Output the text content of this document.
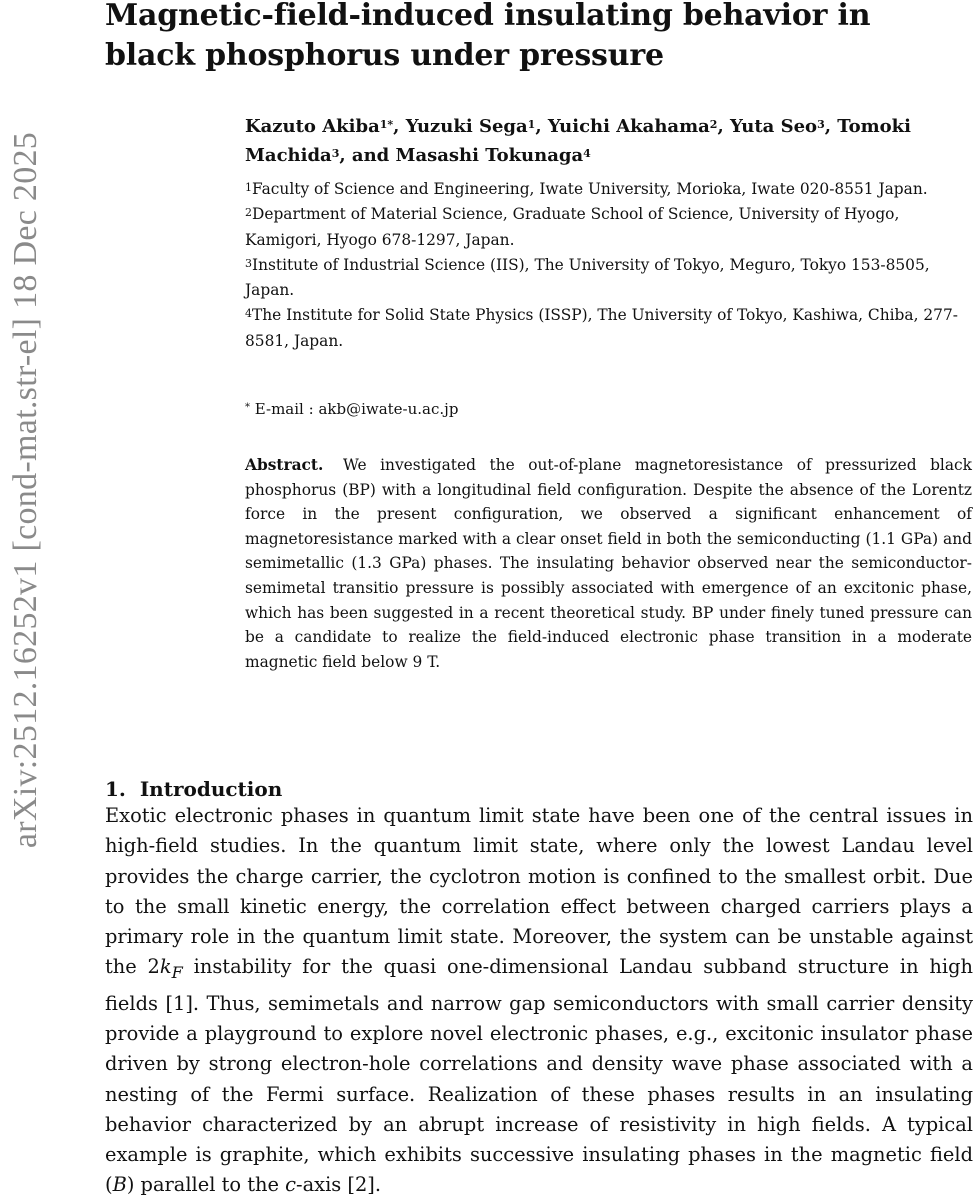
arXiv:2512.16252v1 [cond-mat.str-el] 18 Dec 2025
Magnetic-field-induced insulating behavior in black phosphorus under pressure

Kazuto Akiba$^{1*}$, Yuzuki Sega$^1$, Yuichi Akahama$^2$, Yuta Seo$^3$, Tomoki Machida$^3$, and Masashi Tokunaga$^4$

$^1$Faculty of Science and Engineering, Iwate University, Morioka, Iwate 020-8551 Japan.

$^2$Department of Material Science, Graduate School of Science, University of Hyogo, Kamigori, Hyogo 678-1297, Japan.

$^3$Institute of Industrial Science (IIS), The University of Tokyo, Meguro, Tokyo 153-8505, Japan.

$^4$The Institute for Solid State Physics (ISSP), The University of Tokyo, Kashiwa, Chiba, 277-8581, Japan.

* E-mail : akb@iwate-u.ac.jp

Abstract. We investigated the out-of-plane magnetoresistance of pressurized black phosphorus (BP) with a longitudinal field configuration. Despite the absence of the Lorentz force in the present configuration, we observed a significant enhancement of magnetoresistance marked with a clear onset field in both the semiconducting (1.1 GPa) and semimetallic (1.3 GPa) phases. The insulating behavior observed near the semiconductor-semimetal transitio pressure is possibly associated with emergence of an excitonic phase, which has been suggested in a recent theoretical study. BP under finely tuned pressure can be a candidate to realize the field-induced electronic phase transition in a moderate magnetic field below 9 T.

1. Introduction

Exotic electronic phases in quantum limit state have been one of the central issues in high-field studies. In the quantum limit state, where only the lowest Landau level provides the charge carrier, the cyclotron motion is confined to the smallest orbit. Due to the small kinetic energy, the correlation effect between charged carriers plays a primary role in the quantum limit state. Moreover, the system can be unstable against the $2k_F$ instability for the quasi one-dimensional Landau subband structure in high fields [1]. Thus, semimetals and narrow gap semiconductors with small carrier density provide a playground to explore novel electronic phases, e.g., excitonic insulator phase driven by strong electron-hole correlations and density wave phase associated with a nesting of the Fermi surface. Realization of these phases results in an insulating behavior characterized by an abrupt increase of resistivity in high fields. A typical example is graphite, which exhibits successive insulating phases in the magnetic field (B) parallel to the c-axis [2].
